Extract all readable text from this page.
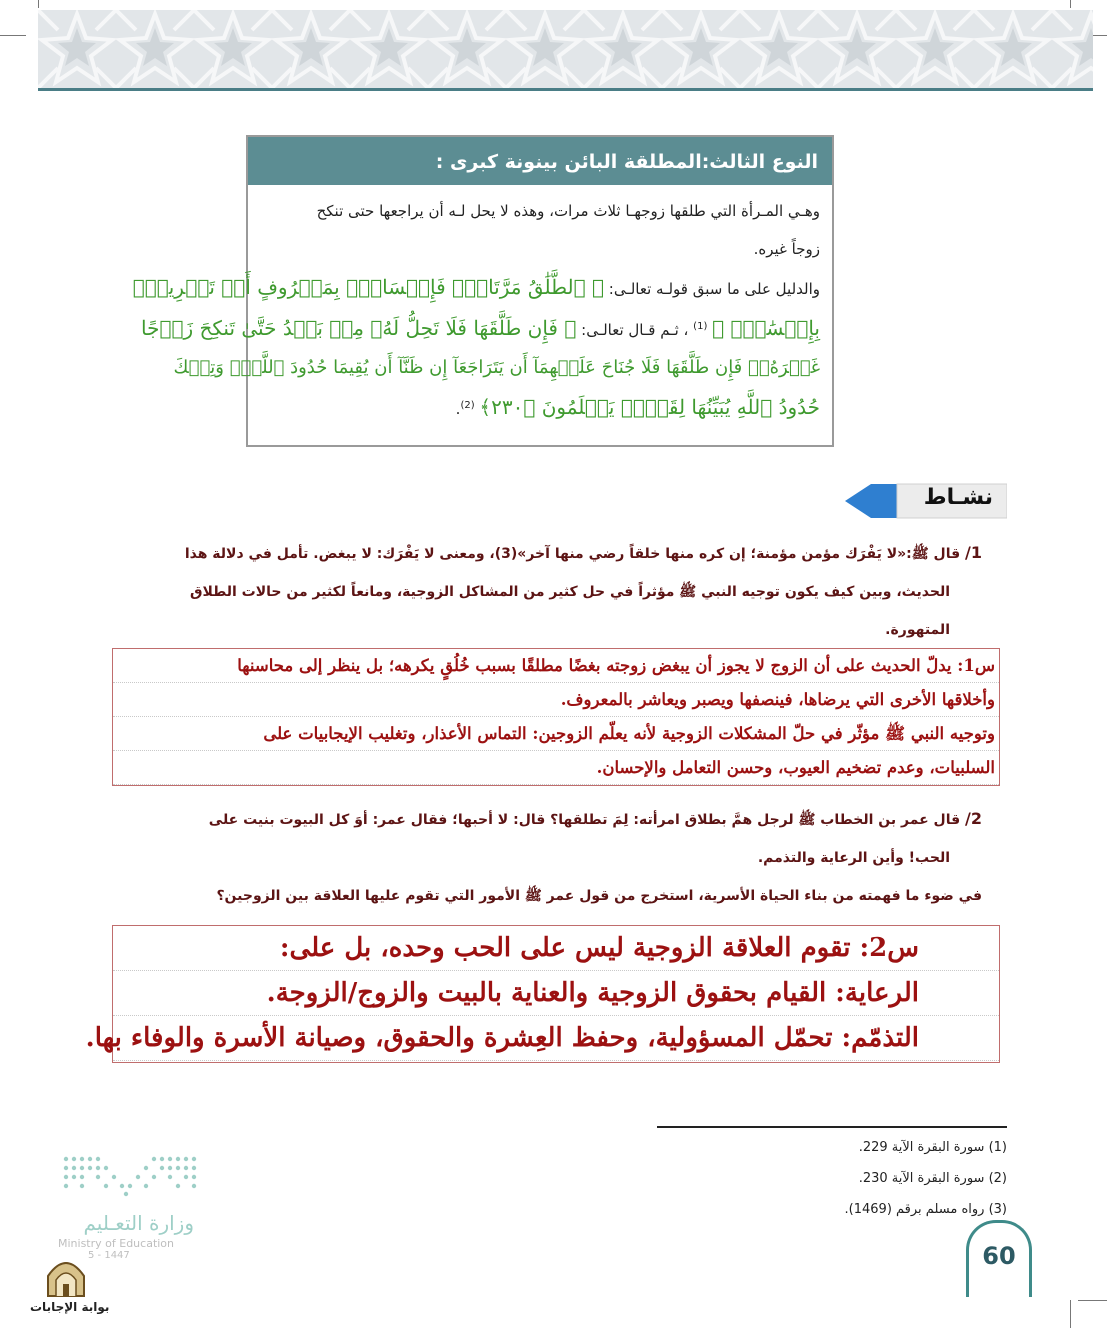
النوع الثالث:المطلقة البائن بينونة كبرى :
وهـي المـرأة التي طلقها زوجهـا ثلاث مرات، وهذه لا يحل لـه أن يراجعها حتى تنكح
زوجاً غيره.
والدليل على ما سبق قولـه تعالـى: ﴿ ٱلطَّلَٰقُ مَرَّتَانِۖ فَإِمۡسَاكُۢ بِمَعۡرُوفٍ أَوۡ تَسۡرِيحُۢ
بِإِحۡسَٰنٖۗ ﴾ $^{(1)}$ ، ثـم قـال تعالـى: ﴿ فَإِن طَلَّقَهَا فَلَا تَحِلُّ لَهُۥ مِنۢ بَعۡدُ حَتَّىٰ تَنكِحَ زَوۡجًا
غَيۡرَهُۥۗ فَإِن طَلَّقَهَا فَلَا جُنَاحَ عَلَيۡهِمَآ أَن يَتَرَاجَعَآ إِن ظَنَّآ أَن يُقِيمَا حُدُودَ ٱللَّهِۗ وَتِلۡكَ
حُدُودُ ٱللَّهِ يُبَيِّنُهَا لِقَوۡمٖ يَعۡلَمُونَ ﴿٢٣٠﴾ $^{(2)}$.
نشـاط
1/ قال ﷺ:«لا يَفْرَك مؤمن مؤمنة؛ إن كره منها خلقاً رضي منها آخر»(3)، ومعنى لا يَفْرَك: لا يبغض. تأمل في دلالة هذا
الحديث، وبين كيف يكون توجيه النبي ﷺ مؤثراً في حل كثير من المشاكل الزوجية، ومانعاً لكثير من حالات الطلاق
المتهورة.
س1: يدلّ الحديث على أن الزوج لا يجوز أن يبغض زوجته بغضًا مطلقًا بسبب خُلُقٍ يكرهه؛ بل ينظر إلى محاسنها
وأخلاقها الأخرى التي يرضاها، فينصفها ويصبر ويعاشر بالمعروف.
وتوجيه النبي ﷺ مؤثّر في حلّ المشكلات الزوجية لأنه يعلّم الزوجين: التماس الأعذار، وتغليب الإيجابيات على
السلبيات، وعدم تضخيم العيوب، وحسن التعامل والإحسان.
2/ قال عمر بن الخطاب ﷺ لرجل همَّ بطلاق امرأته: لِمَ تطلقها؟ قال: لا أحبها؛ فقال عمر: أوَ كل البيوت بنيت على
الحب! وأين الرعاية والتذمم.
في ضوء ما فهمته من بناء الحياة الأسرية، استخرج من قول عمر ﷺ الأمور التي تقوم عليها العلاقة بين الزوجين؟
س2: تقوم العلاقة الزوجية ليس على الحب وحده، بل على:
الرعاية: القيام بحقوق الزوجية والعناية بالبيت والزوج/الزوجة.
التذمّم: تحمّل المسؤولية، وحفظ العِشرة والحقوق، وصيانة الأسرة والوفاء بها.
(1) سورة البقرة الآية 229.
(2) سورة البقرة الآية 230.
(3) رواه مسلم برقم (1469).
60
وزارة التعـليم
Ministry of Education
5 - 1447
بوابة الإجابات
